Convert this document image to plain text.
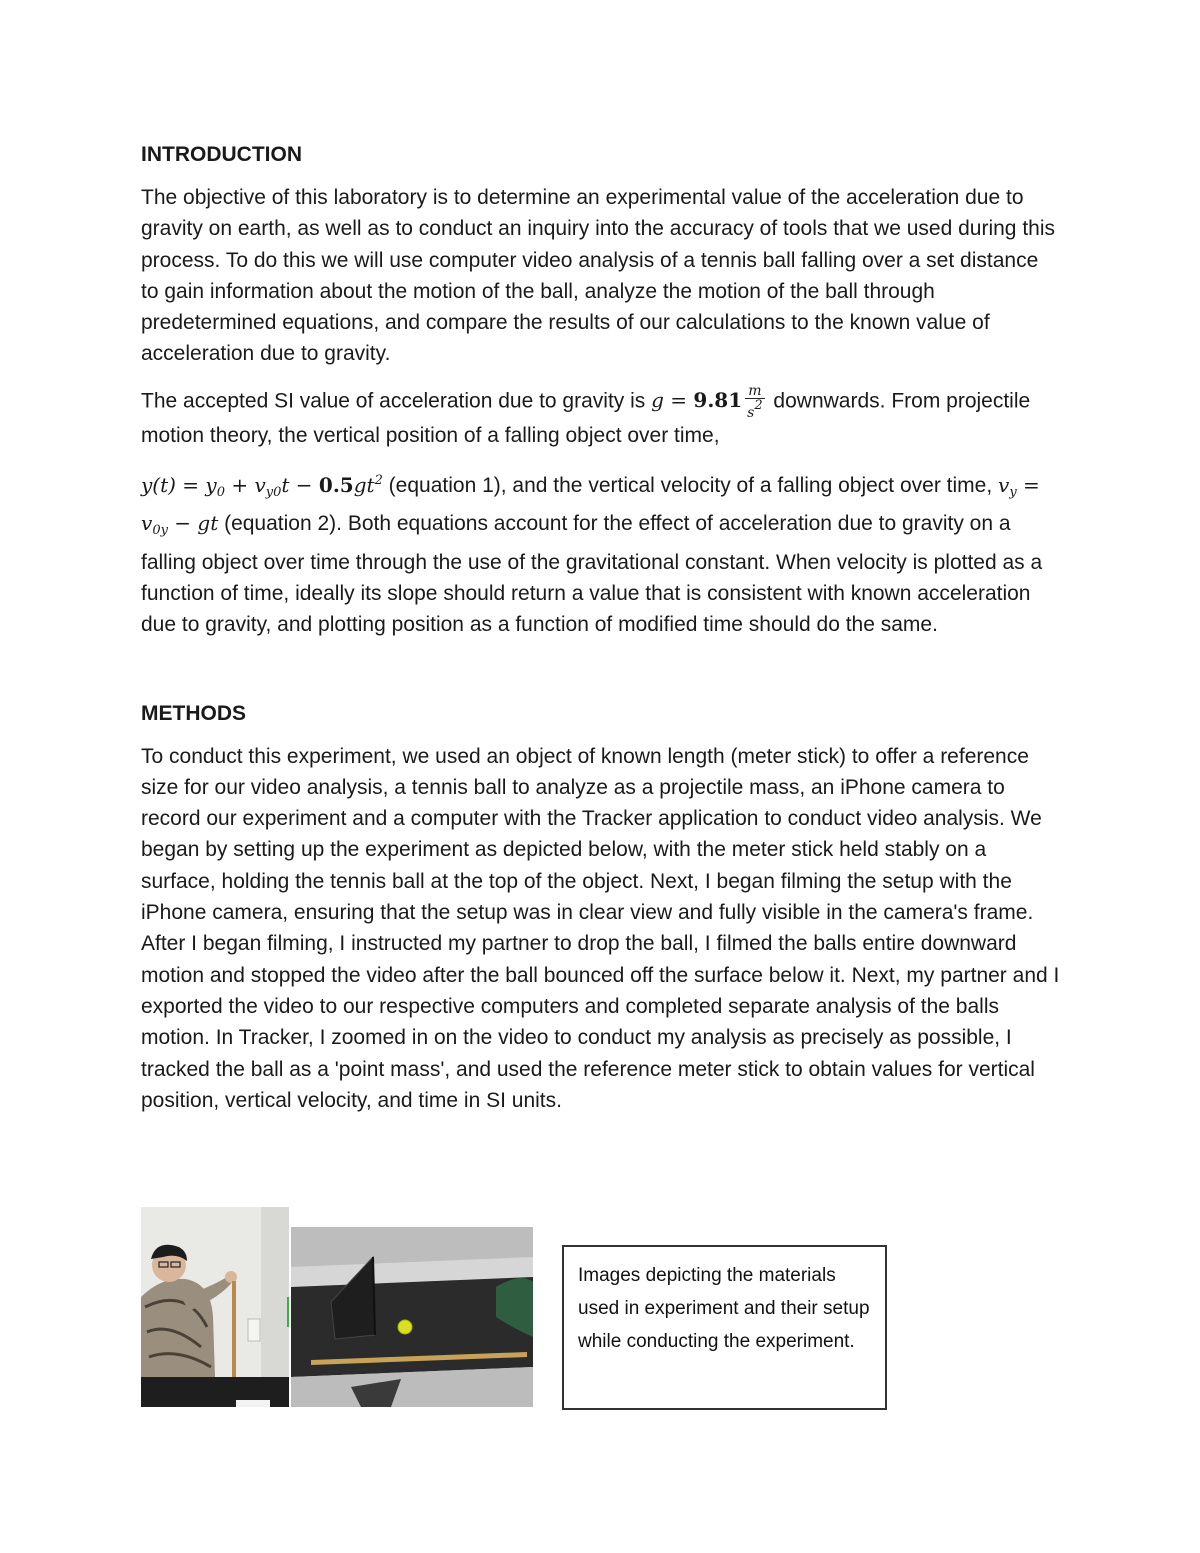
INTRODUCTION

The objective of this laboratory is to determine an experimental value of the acceleration due to gravity on earth, as well as to conduct an inquiry into the accuracy of tools that we used during this process. To do this we will use computer video analysis of a tennis ball falling over a set distance to gain information about the motion of the ball, analyze the motion of the ball through predetermined equations, and compare the results of our calculations to the known value of acceleration due to gravity.

The accepted SI value of acceleration due to gravity is $g = 9.81 \frac{m}{s2}$ downwards. From projectile motion theory, the vertical position of a falling object over time,

$y(t) = y_0 + v_{y0}t - 0.5gt^2$ (equation 1), and the vertical velocity of a falling object over time, $v_y = v_{0y}$ − gt (equation 2). Both equations account for the effect of acceleration due to gravity on a falling object over time through the use of the gravitational constant. When velocity is plotted as a function of time, ideally its slope should return a value that is consistent with known acceleration due to gravity, and plotting position as a function of modified time should do the same.

METHODS

To conduct this experiment, we used an object of known length (meter stick) to offer a reference size for our video analysis, a tennis ball to analyze as a projectile mass, an iPhone camera to record our experiment and a computer with the Tracker application to conduct video analysis. We began by setting up the experiment as depicted below, with the meter stick held stably on a surface, holding the tennis ball at the top of the object. Next, I began filming the setup with the iPhone camera, ensuring that the setup was in clear view and fully visible in the camera's frame. After I began filming, I instructed my partner to drop the ball, I filmed the balls entire downward motion and stopped the video after the ball bounced off the surface below it. Next, my partner and I exported the video to our respective computers and completed separate analysis of the balls motion. In Tracker, I zoomed in on the video to conduct my analysis as precisely as possible, I tracked the ball as a 'point mass', and used the reference meter stick to obtain values for vertical position, vertical velocity, and time in SI units.

Images depicting the materials used in experiment and their setup while conducting the experiment.
